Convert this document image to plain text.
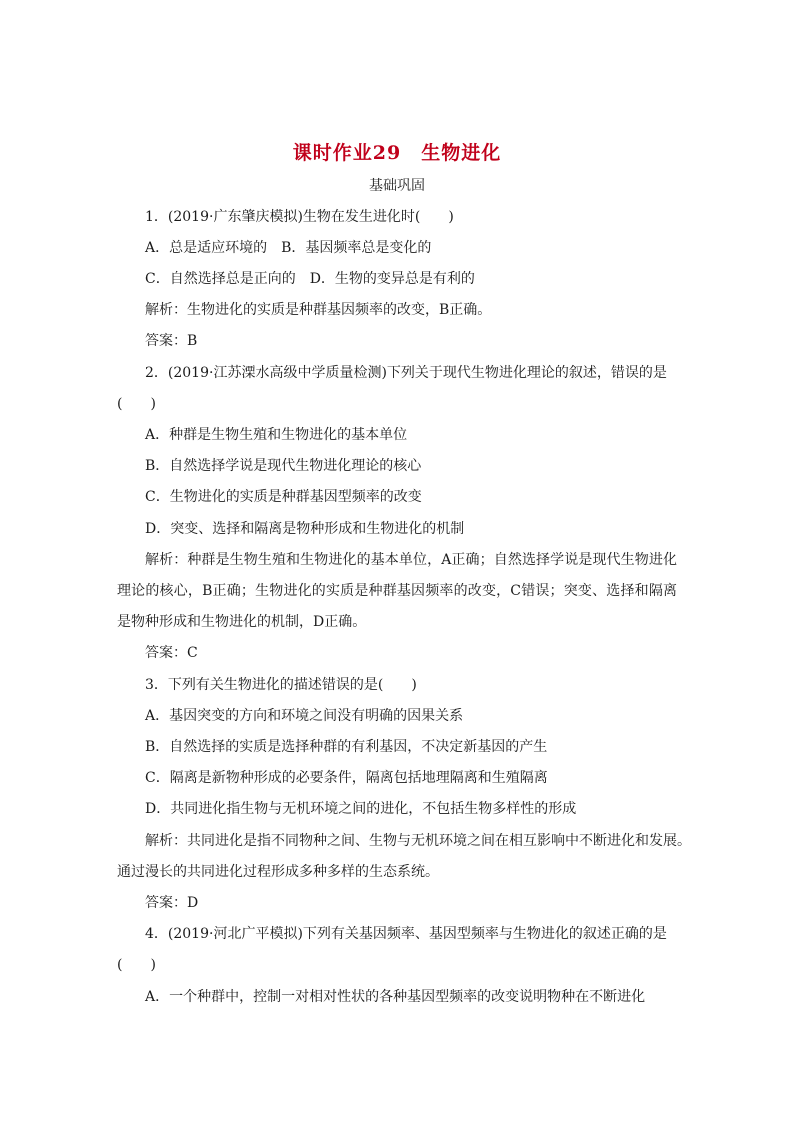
课时作业29　生物进化
基础巩固
1．(2019·广东肇庆模拟)生物在发生进化时(　　)
A．总是适应环境的　B．基因频率总是变化的
C．自然选择总是正向的　D．生物的变异总是有利的
解析：生物进化的实质是种群基因频率的改变，B正确。
答案：B
2．(2019·江苏溧水高级中学质量检测)下列关于现代生物进化理论的叙述，错误的是
(　　)
A．种群是生物生殖和生物进化的基本单位
B．自然选择学说是现代生物进化理论的核心
C．生物进化的实质是种群基因型频率的改变
D．突变、选择和隔离是物种形成和生物进化的机制
解析：种群是生物生殖和生物进化的基本单位，A正确；自然选择学说是现代生物进化
理论的核心，B正确；生物进化的实质是种群基因频率的改变，C错误；突变、选择和隔离
是物种形成和生物进化的机制，D正确。
答案：C
3．下列有关生物进化的描述错误的是(　　)
A．基因突变的方向和环境之间没有明确的因果关系
B．自然选择的实质是选择种群的有利基因，不决定新基因的产生
C．隔离是新物种形成的必要条件，隔离包括地理隔离和生殖隔离
D．共同进化指生物与无机环境之间的进化，不包括生物多样性的形成
解析：共同进化是指不同物种之间、生物与无机环境之间在相互影响中不断进化和发展。
通过漫长的共同进化过程形成多种多样的生态系统。
答案：D
4．(2019·河北广平模拟)下列有关基因频率、基因型频率与生物进化的叙述正确的是
(　　)
A．一个种群中，控制一对相对性状的各种基因型频率的改变说明物种在不断进化
